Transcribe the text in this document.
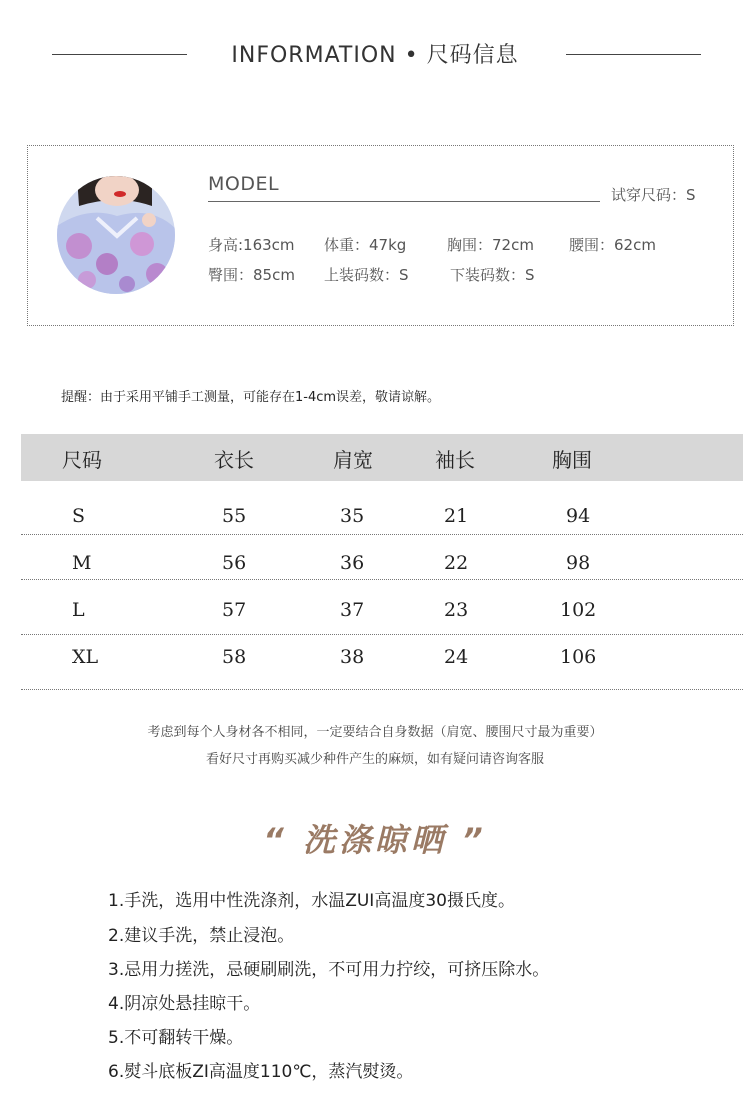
INFORMATION • 尺码信息
MODEL	试穿尺码：S
身高:163cm 体重：47kg	胸围：72cm 腰围：62cm
臀围：85cm 上装码数：S	下装码数：S
提醒：由于采用平铺手工测量，可能存在1-4cm误差，敬请谅解。
尺码	衣长	肩宽	袖长	胸围
S	55	35	21	94
M	56	36	22	98
L	57	37	23	102
XL	58	38	24	106
考虑到每个人身材各不相同，一定要结合自身数据（肩宽、腰围尺寸最为重要）
看好尺寸再购买减少种件产生的麻烦，如有疑问请咨询客服
“ 洗涤晾晒 ”
1.手洗，选用中性洗涤剂，水温ZUI高温度30摄氏度。
2.建议手洗，禁止浸泡。
3.忌用力搓洗，忌硬刷刷洗，不可用力拧绞，可挤压除水。
4.阴凉处悬挂晾干。
5.不可翻转干燥。
6.熨斗底板ZI高温度110℃，蒸汽熨烫。
